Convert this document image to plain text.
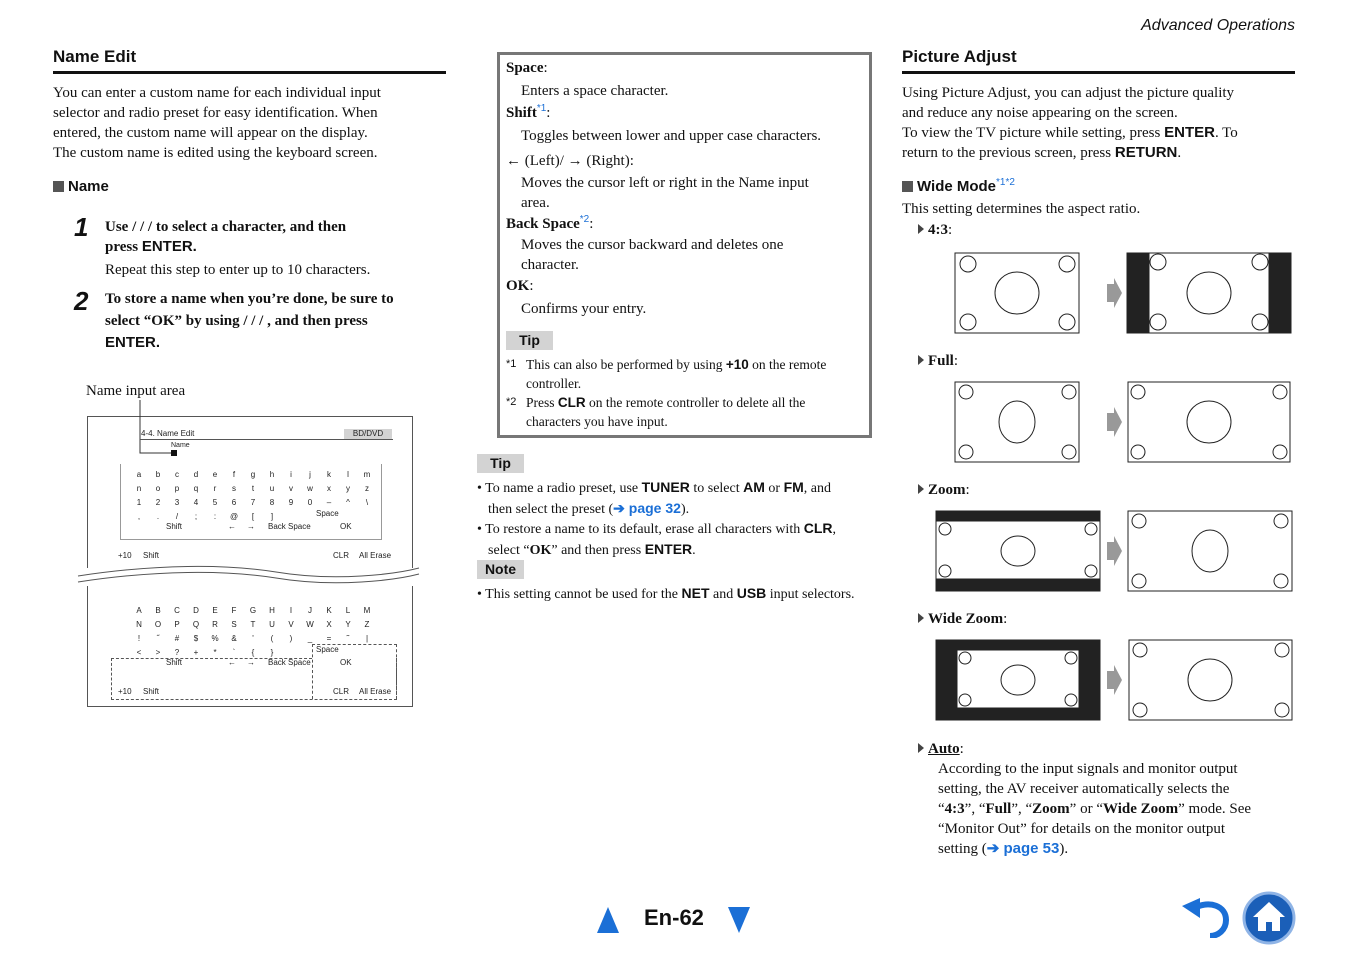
Advanced Operations
Name Edit
You can enter a custom name for each individual input
selector and radio preset for easy identification. When
entered, the custom name will appear on the display.
The custom name is edited using the keyboard screen.
Name
1 Use / / / to select a character, and then
press ENTER.
Repeat this step to enter up to 10 characters.
2 To store a name when you’re done, be sure to
select “OK” by using / / / , and then press
ENTER.
Name input area
4-4. Name Edit	BD/DVD
Name
a b c d e	f	g h	i	j	k	l	m
n o p q	r	s	t	u v w x y z
1 2 3 4 5 6 7 8 9 0 – ^	\
,	.	/	;	:	@	[	]	Space
Shift	← → Back Space	OK
+10 Shift	CLR All Erase
A B C D E F G H	I	J K L M
N O P Q R S T U V W X Y Z
!	˝	# $ % &	'	(	)	_ =	˜	|
< > ? +	*	`	{	}	Space
Shift	← → Back Space	OK
+10 Shift	CLR All Erase
Space:
Enters a space character.
Shift$^{*1}$:
Toggles between lower and upper case characters.
← (Left)/ → (Right):
Moves the cursor left or right in the Name input
area.
Back Space$^{*2}$:
Moves the cursor backward and deletes one
character.
OK:
Confirms your entry.
Tip
*1 This can also be performed by using +10 on the remote
controller.
*2 Press CLR on the remote controller to delete all the
characters you have input.
Tip
• To name a radio preset, use TUNER to select AM or FM, and
then select the preset (➔ page 32).
• To restore a name to its default, erase all characters with CLR,
select “OK” and then press ENTER.
Note
• This setting cannot be used for the NET and USB input selectors.
Picture Adjust
Using Picture Adjust, you can adjust the picture quality
and reduce any noise appearing on the screen.
To view the TV picture while setting, press ENTER. To
return to the previous screen, press RETURN.
Wide Mode$^{*1*2}$
This setting determines the aspect ratio.
4:3:
Full:
Zoom:
Wide Zoom:
Auto:
According to the input signals and monitor output
setting, the AV receiver automatically selects the
“4:3”, “Full”, “Zoom” or “Wide Zoom” mode. See
“Monitor Out” for details on the monitor output
setting (➔ page 53).
En-62
